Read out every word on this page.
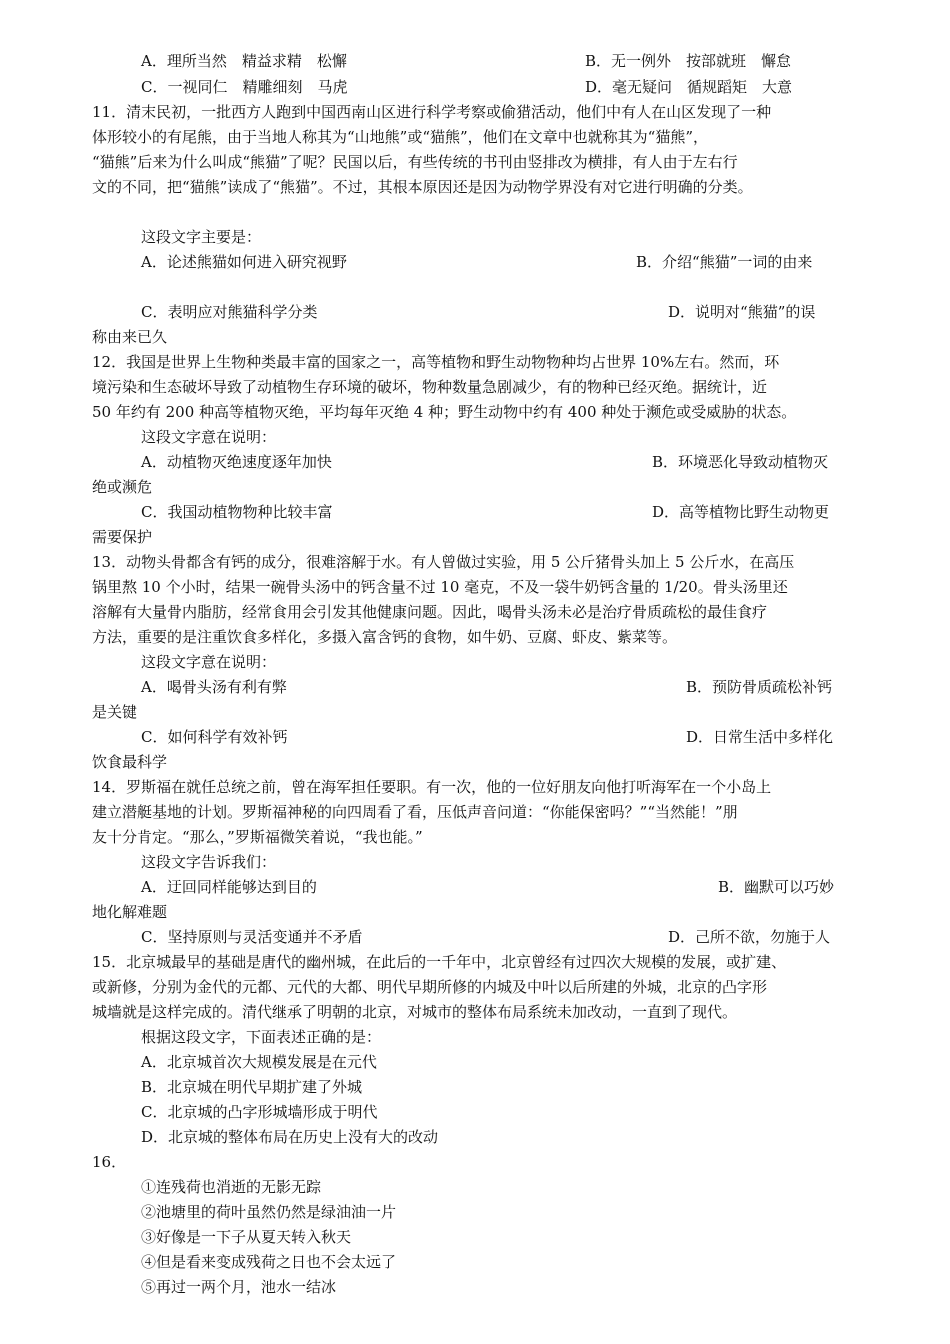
A．理所当然　精益求精　松懈	B．无一例外　按部就班　懈怠
C．一视同仁　精雕细刻　马虎	D．毫无疑问　循规蹈矩　大意
11．清末民初，一批西方人跑到中国西南山区进行科学考察或偷猎活动，他们中有人在山区发现了一种
体形较小的有尾熊，由于当地人称其为“山地熊”或“猫熊”，他们在文章中也就称其为“猫熊”，
“猫熊”后来为什么叫成“熊猫”了呢？民国以后，有些传统的书刊由竖排改为横排，有人由于左右行
文的不同，把“猫熊”读成了“熊猫”。不过，其根本原因还是因为动物学界没有对它进行明确的分类。
这段文字主要是：
A．论述熊猫如何进入研究视野	B．介绍“熊猫”一词的由来
C．表明应对熊猫科学分类	D．说明对“熊猫”的误
称由来已久
12．我国是世界上生物种类最丰富的国家之一，高等植物和野生动物物种均占世界 10%左右。然而，环
境污染和生态破坏导致了动植物生存环境的破坏，物种数量急剧减少，有的物种已经灭绝。据统计，近
50 年约有 200 种高等植物灭绝，平均每年灭绝 4 种；野生动物中约有 400 种处于濒危或受威胁的状态。
这段文字意在说明：
A．动植物灭绝速度逐年加快	B．环境恶化导致动植物灭
绝或濒危
C．我国动植物物种比较丰富	D．高等植物比野生动物更
需要保护
13．动物头骨都含有钙的成分，很难溶解于水。有人曾做过实验，用 5 公斤猪骨头加上 5 公斤水，在高压
锅里熬 10 个小时，结果一碗骨头汤中的钙含量不过 10 毫克，不及一袋牛奶钙含量的 1/20。骨头汤里还
溶解有大量骨内脂肪，经常食用会引发其他健康问题。因此，喝骨头汤未必是治疗骨质疏松的最佳食疗
方法，重要的是注重饮食多样化，多摄入富含钙的食物，如牛奶、豆腐、虾皮、紫菜等。
这段文字意在说明：
A．喝骨头汤有利有弊	B．预防骨质疏松补钙
是关键
C．如何科学有效补钙	D．日常生活中多样化
饮食最科学
14．罗斯福在就任总统之前，曾在海军担任要职。有一次，他的一位好朋友向他打听海军在一个小岛上
建立潜艇基地的计划。罗斯福神秘的向四周看了看，压低声音问道：“你能保密吗？”“当然能！”朋
友十分肯定。“那么，”罗斯福微笑着说，“我也能。”
这段文字告诉我们：
A．迂回同样能够达到目的	B．幽默可以巧妙
地化解难题
C．坚持原则与灵活变通并不矛盾	D．己所不欲，勿施于人
15．北京城最早的基础是唐代的幽州城，在此后的一千年中，北京曾经有过四次大规模的发展，或扩建、
或新修，分别为金代的元都、元代的大都、明代早期所修的内城及中叶以后所建的外城，北京的凸字形
城墙就是这样完成的。清代继承了明朝的北京，对城市的整体布局系统未加改动，一直到了现代。
根据这段文字，下面表述正确的是：
A．北京城首次大规模发展是在元代
B．北京城在明代早期扩建了外城
C．北京城的凸字形城墙形成于明代
D．北京城的整体布局在历史上没有大的改动
16．
①连残荷也消逝的无影无踪
②池塘里的荷叶虽然仍然是绿油油一片
③好像是一下子从夏天转入秋天
④但是看来变成残荷之日也不会太远了
⑤再过一两个月，池水一结冰
